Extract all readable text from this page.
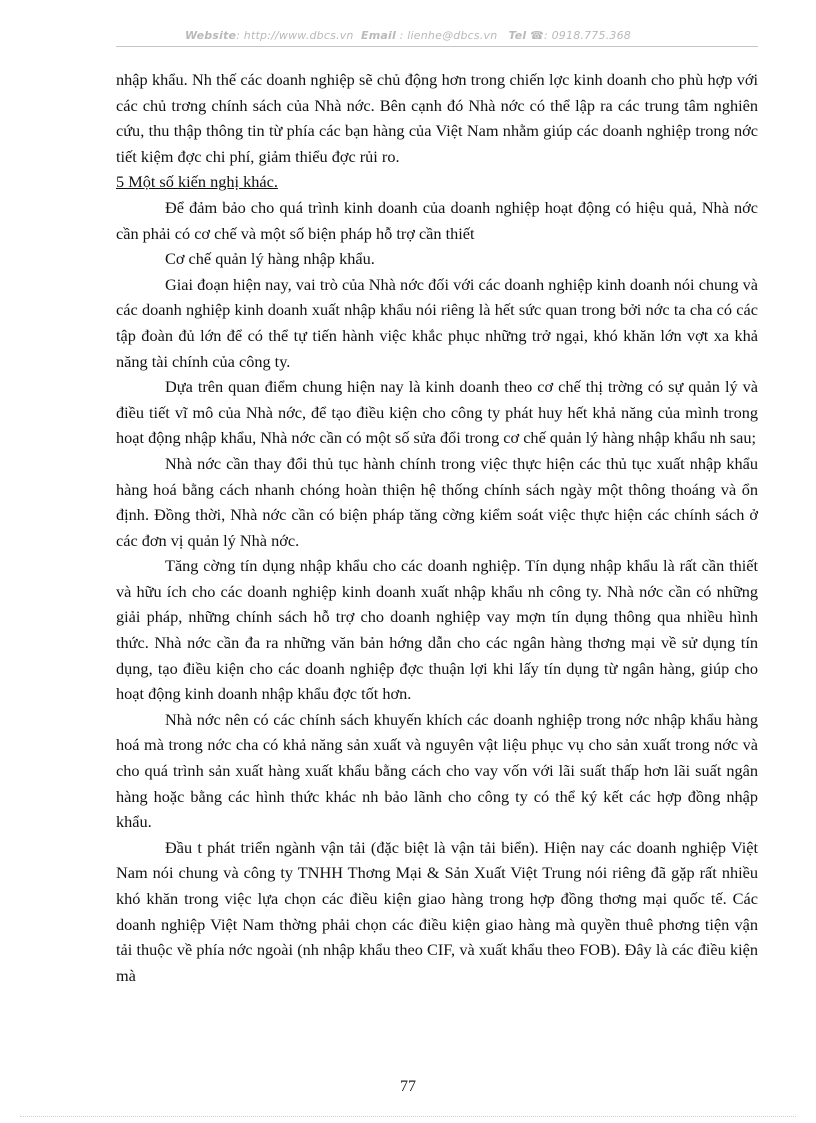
Website: http://www.dbcs.vn Email : lienhe@dbcs.vn Tel ☎: 0918.775.368

nhập khẩu. Nh thế các doanh nghiệp sẽ chủ động hơn trong chiến lợc kinh doanh cho phù hợp với các chủ trơng chính sách của Nhà nớc. Bên cạnh đó Nhà nớc có thể lập ra các trung tâm nghiên cứu, thu thập thông tin từ phía các bạn hàng của Việt Nam nhằm giúp các doanh nghiệp trong nớc tiết kiệm đợc chi phí, giảm thiểu đợc rủi ro.

5 Một số kiến nghị khác.

Để đảm bảo cho quá trình kinh doanh của doanh nghiệp hoạt động có hiệu quả, Nhà nớc cần phải có cơ chế và một số biện pháp hỗ trợ cần thiết

Cơ chế quản lý hàng nhập khẩu.

Giai đoạn hiện nay, vai trò của Nhà nớc đối với các doanh nghiệp kinh doanh nói chung và các doanh nghiệp kinh doanh xuất nhập khẩu nói riêng là hết sức quan trong bởi nớc ta cha có các tập đoàn đủ lớn để có thể tự tiến hành việc khắc phục những trở ngại, khó khăn lớn vợt xa khả năng tài chính của công ty.

Dựa trên quan điểm chung hiện nay là kinh doanh theo cơ chế thị trờng có sự quản lý và điều tiết vĩ mô của Nhà nớc, để tạo điều kiện cho công ty phát huy hết khả năng của mình trong hoạt động nhập khẩu, Nhà nớc cần có một số sửa đổi trong cơ chế quản lý hàng nhập khẩu nh sau;

Nhà nớc cần thay đổi thủ tục hành chính trong việc thực hiện các thủ tục xuất nhập khẩu hàng hoá bằng cách nhanh chóng hoàn thiện hệ thống chính sách ngày một thông thoáng và ổn định. Đồng thời, Nhà nớc cần có biện pháp tăng cờng kiểm soát việc thực hiện các chính sách ở các đơn vị quản lý Nhà nớc.

Tăng cờng tín dụng nhập khẩu cho các doanh nghiệp. Tín dụng nhập khẩu là rất cần thiết và hữu ích cho các doanh nghiệp kinh doanh xuất nhập khẩu nh công ty. Nhà nớc cần có những giải pháp, những chính sách hỗ trợ cho doanh nghiệp vay mợn tín dụng thông qua nhiều hình thức. Nhà nớc cần đa ra những văn bản hớng dẫn cho các ngân hàng thơng mại về sử dụng tín dụng, tạo điều kiện cho các doanh nghiệp đợc thuận lợi khi lấy tín dụng từ ngân hàng, giúp cho hoạt động kinh doanh nhập khẩu đợc tốt hơn.

Nhà nớc nên có các chính sách khuyến khích các doanh nghiệp trong nớc nhập khẩu hàng hoá mà trong nớc cha có khả năng sản xuất và nguyên vật liệu phục vụ cho sản xuất trong nớc và cho quá trình sản xuất hàng xuất khẩu bằng cách cho vay vốn với lãi suất thấp hơn lãi suất ngân hàng hoặc bằng các hình thức khác nh bảo lãnh cho công ty có thể ký kết các hợp đồng nhập khẩu.

Đầu t phát triển ngành vận tải (đặc biệt là vận tải biển). Hiện nay các doanh nghiệp Việt Nam nói chung và công ty TNHH Thơng Mại & Sản Xuất Việt Trung nói riêng đã gặp rất nhiều khó khăn trong việc lựa chọn các điều kiện giao hàng trong hợp đồng thơng mại quốc tế. Các doanh nghiệp Việt Nam thờng phải chọn các điều kiện giao hàng mà quyền thuê phơng tiện vận tải thuộc về phía nớc ngoài (nh nhập khẩu theo CIF, và xuất khẩu theo FOB). Đây là các điều kiện mà

77
